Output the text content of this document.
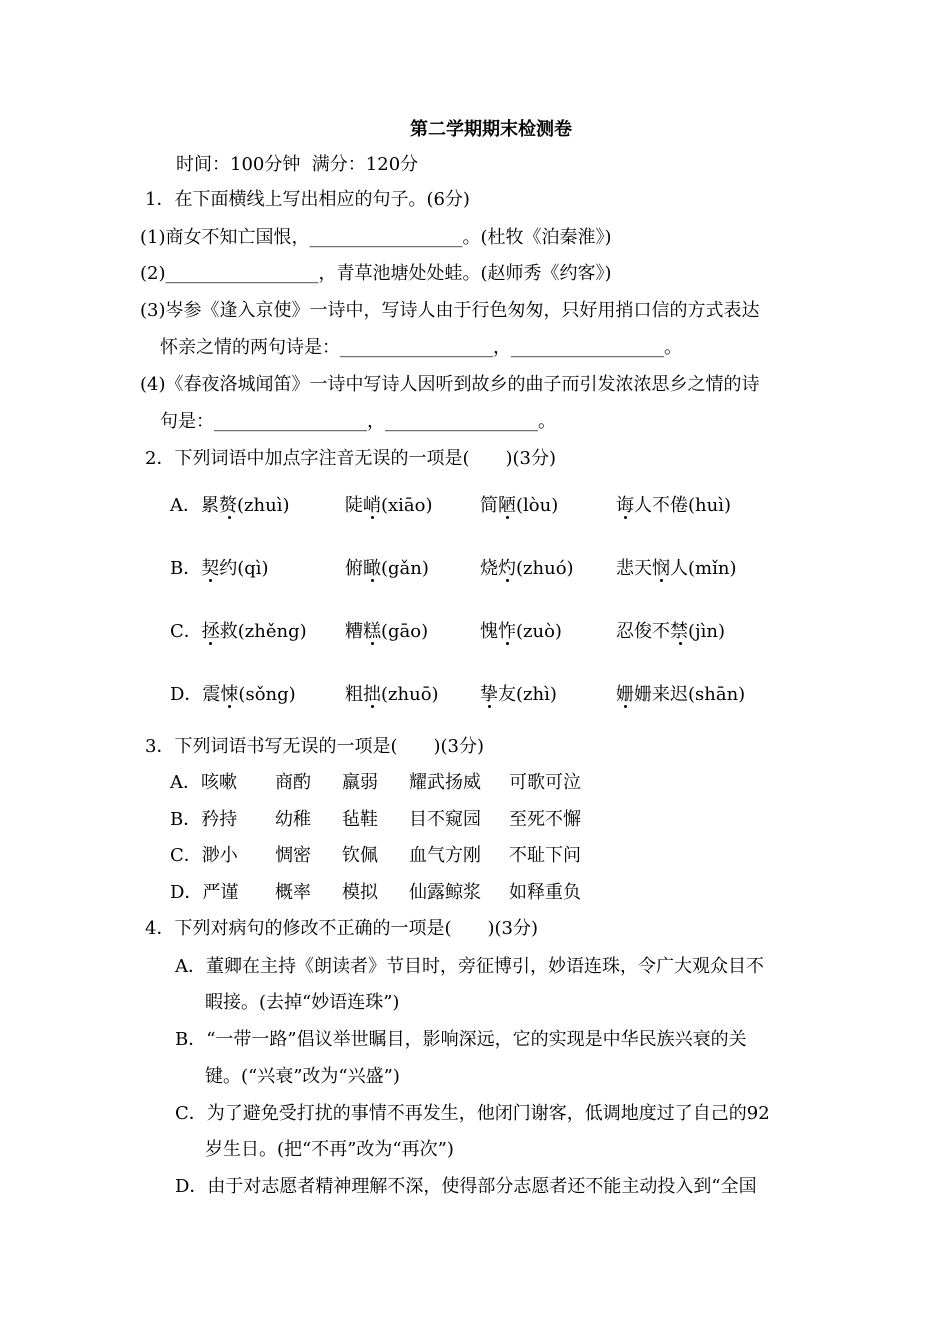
第二学期期末检测卷
时间：100分钟  满分：120分
1．在下面横线上写出相应的句子。(6分)
(1)商女不知亡国恨，_________________。(杜牧《泊秦淮》)
(2)_________________，青草池塘处处蛙。(赵师秀《约客》)
(3)岑参《逢入京使》一诗中，写诗人由于行色匆匆，只好用捎口信的方式表达
怀亲之情的两句诗是：_________________，_________________。
(4)《春夜洛城闻笛》一诗中写诗人因听到故乡的曲子而引发浓浓思乡之情的诗
句是：_________________，_________________。
2．下列词语中加点字注音无误的一项是(　　)(3分)
A．累赘(zhuì)	陡峭(xiāo)	简陋(lòu)	诲人不倦(huì)
B．契约(qì)	俯瞰(gǎn)	烧灼(zhuó) 悲天悯人(mǐn)
C．拯救(zhěng) 糟糕(gāo)	愧怍(zuò)	忍俊不禁(jìn)
D．震悚(sǒng)	粗拙(zhuō) 挚友(zhì)	姗姗来迟(shān)
3．下列词语书写无误的一项是(　　)(3分)
A．咳嗽 商酌 羸弱 耀武扬威 可歌可泣
B．矜持 幼稚 毡鞋 目不窥园 至死不懈
C．渺小 惆密 钦佩 血气方刚 不耻下问
D．严谨 概率 模拟 仙露鲸浆 如释重负
4．下列对病句的修改不正确的一项是(　　)(3分)
A．董卿在主持《朗读者》节目时，旁征博引，妙语连珠，令广大观众目不
暇接。(去掉“妙语连珠”)
B．“一带一路”倡议举世瞩目，影响深远，它的实现是中华民族兴衰的关
键。(“兴衰”改为“兴盛”)
C．为了避免受打扰的事情不再发生，他闭门谢客，低调地度过了自己的92
岁生日。(把“不再”改为“再次”)
D．由于对志愿者精神理解不深，使得部分志愿者还不能主动投入到“全国
